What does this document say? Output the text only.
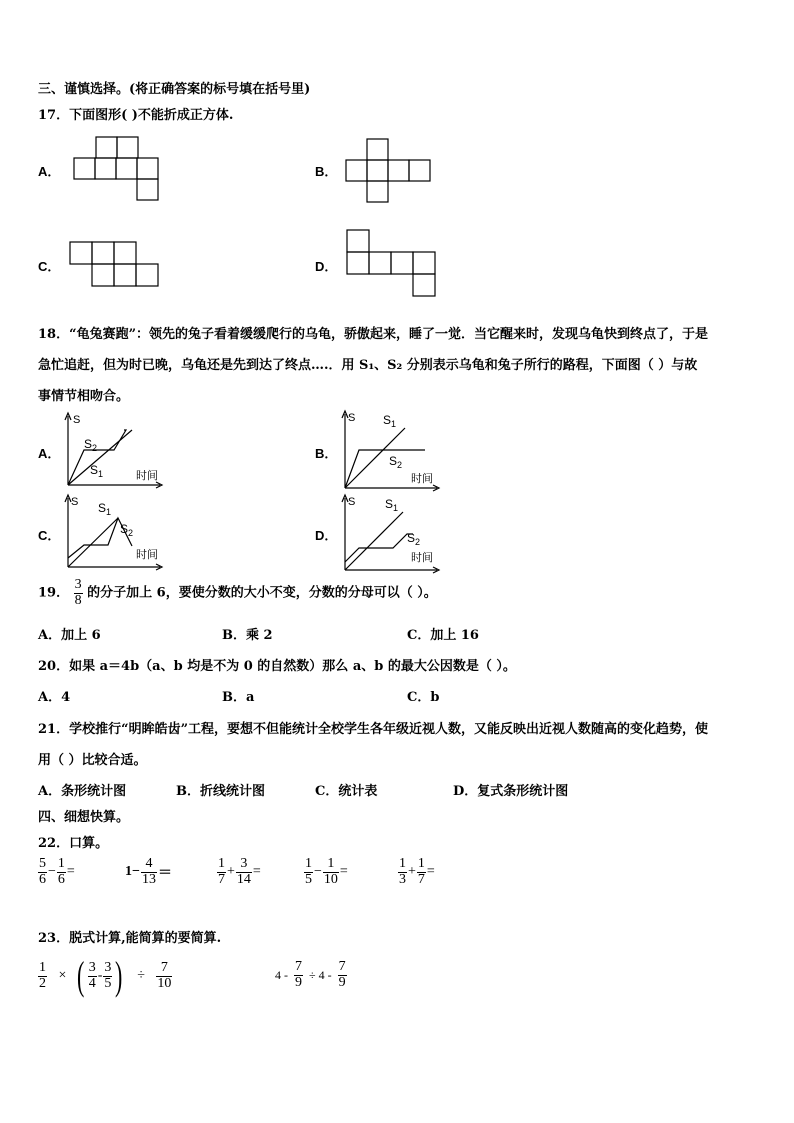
三、谨慎选择。(将正确答案的标号填在括号里)
17．下面图形( )不能折成正方体.
A．	B．
C．	D．
18．“龟兔赛跑”：领先的兔子看着缓缓爬行的乌龟，骄傲起来，睡了一觉．当它醒来时，发现乌龟快到终点了，于是
急忙追赶，但为时已晚，乌龟还是先到达了终点….．用 S₁、S₂ 分别表示乌龟和兔子所行的路程，下面图（ ）与故
事情节相吻合。
A．
S
$S_2$
$S_1$	时间
B．
S $S_1$
$S_2$
时间
C．
S $S_1$
$S_2$
时间
D．
S $S_1$
$S_2$
时间
19． $\frac{3}{8}$ 的分子加上 6，要使分数的大小不变，分数的分母可以（ ）。
A．加上 6	B．乘 2	C．加上 16
20．如果 a＝4b（a、b 均是不为 0 的自然数）那么 a、b 的最大公因数是（ ）。
A．4	B．a	C．b
21．学校推行“明眸皓齿”工程，要想不但能统计全校学生各年级近视人数，又能反映出近视人数随高的变化趋势，使
用（ ）比较合适。
A．条形统计图	B．折线统计图	C．统计表	D．复式条形统计图
四、细想快算。
22．口算。
$\frac{5}{6} - \frac{1}{6}$ =	$1- \frac{4}{13}$ ＝	$\frac{1}{7} + \frac{3}{14}$ =	$\frac{1}{5} - \frac{1}{10}$ =	$\frac{1}{3} + \frac{1}{7}$ =
23．脱式计算,能简算的要简算.
$\frac{1}{2}$ × ( $\frac{3}{4} - \frac{3}{5}$ ) ÷ $\frac{7}{10}$	$4 - \frac{7}{9} \div 4 - \frac{7}{9}$
